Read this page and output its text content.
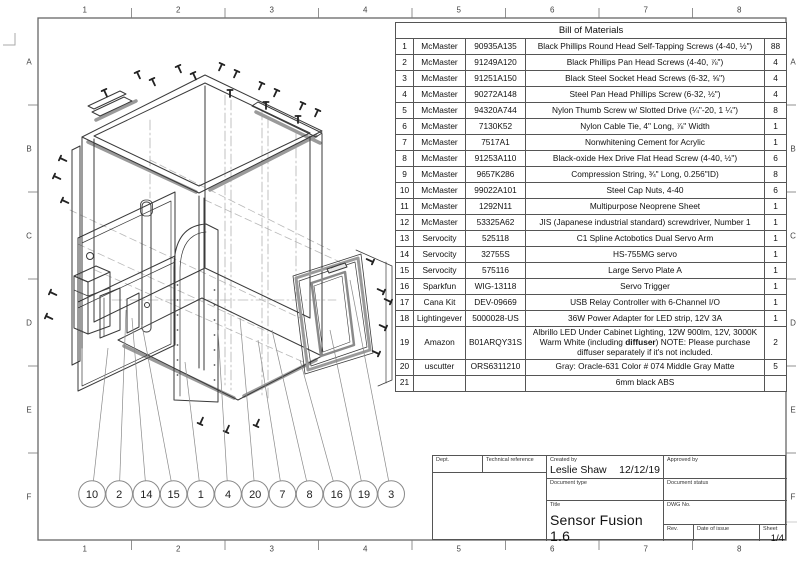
10 2 14 15 1 4 20 7 8 16 19 3
1	2	3	4	5	6	7	8
1	2	3	4	5	6	7	8
A
B
C
D
E
F
A
B
C
D
E
F
Bill of Materials				
1	McMaster	90935A135	Black Phillips Round Head Self-Tapping Screws (4-40, ½")	88
2	McMaster	91249A120	Black Phillips Pan Head Screws (4-40, ⅞")	4
3	McMaster	91251A150	Black Steel Socket Head Screws (6-32, ⅝")	4
4	McMaster	90272A148	Steel Pan Head Phillips Screw (6-32, ½")	4
5	McMaster	94320A744	Nylon Thumb Screw w/ Slotted Drive (¼"-20, 1 ¼")	8
6	McMaster	7130K52	Nylon Cable Tie, 4" Long, ⅞" Width	1
7	McMaster	7517A1	Nonwhitening Cement for Acrylic	1
8	McMaster	91253A110	Black-oxide Hex Drive Flat Head Screw (4-40, ½")	6
9	McMaster	9657K286	Compression String, ¾" Long, 0.256"ID)	8
10	McMaster	99022A101	Steel Cap Nuts, 4-40	6
11	McMaster	1292N11	Multipurpose Neoprene Sheet	1
12	McMaster	53325A62	JIS (Japanese industrial standard) screwdriver, Number 1	1
13	Servocity	525118	C1 Spline Actobotics Dual Servo Arm	1
14	Servocity	32755S	HS-755MG servo	1
15	Servocity	575116	Large Servo Plate A	1
16	Sparkfun	WIG-13118	Servo Trigger	1
17	Cana Kit	DEV-09669	USB Relay Controller with 6-Channel I/O	1
18	Lightingever	5000028-US	36W Power Adapter for LED strip, 12V 3A	1
19	Amazon	B01ARQY31S	Albrillo LED Under Cabinet Lighting, 12W 900lm, 12V, 3000K Warm White (including diffuser) NOTE: Please purchase diffuser separately if it's not included.	2
20	uscutter	ORS6311210	Gray: Oracle-631 Color # 074 Middle Gray Matte	5
21			6mm black ABS	
Dept.	Technical reference	Created by
Leslie Shaw 12/12/19
Document type
Title
Sensor Fusion 1.6
Approved by
Document status
DWG No.
Rev.	Date of issue	Sheet
1/4
